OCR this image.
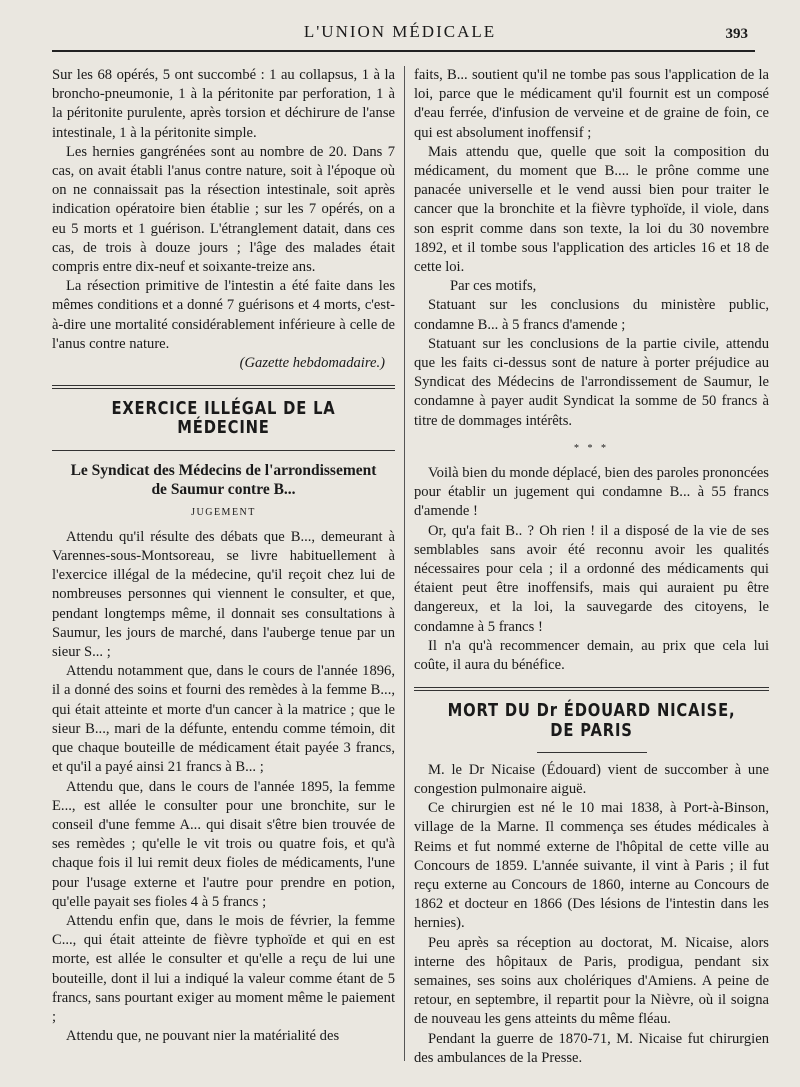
L'UNION MÉDICALE	393

Sur les 68 opérés, 5 ont succombé : 1 au collapsus, 1 à la broncho-pneumonie, 1 à la péritonite par perforation, 1 à la péritonite purulente, après torsion et déchirure de l'anse intestinale, 1 à la péritonite simple.

Les hernies gangrénées sont au nombre de 20. Dans 7 cas, on avait établi l'anus contre nature, soit à l'époque où on ne connaissait pas la résection intestinale, soit après indication opératoire bien établie ; sur les 7 opérés, on a eu 5 morts et 1 guérison. L'étranglement datait, dans ces cas, de trois à douze jours ; l'âge des malades était compris entre dix-neuf et soixante-treize ans.

La résection primitive de l'intestin a été faite dans les mêmes conditions et a donné 7 guérisons et 4 morts, c'est-à-dire une mortalité considérablement inférieure à celle de l'anus contre nature.

(Gazette hebdomadaire.)

EXERCICE ILLÉGAL DE LA MÉDECINE

Le Syndicat des Médecins de l'arrondissement de Saumur contre B...

JUGEMENT

Attendu qu'il résulte des débats que B..., demeurant à Varennes-sous-Montsoreau, se livre habituellement à l'exercice illégal de la médecine, qu'il reçoit chez lui de nombreuses personnes qui viennent le consulter, et que, pendant longtemps même, il donnait ses consultations à Saumur, les jours de marché, dans l'auberge tenue par un sieur S... ;

Attendu notamment que, dans le cours de l'année 1896, il a donné des soins et fourni des remèdes à la femme B..., qui était atteinte et morte d'un cancer à la matrice ; que le sieur B..., mari de la défunte, entendu comme témoin, dit que chaque bouteille de médicament était payée 3 francs, et qu'il a payé ainsi 21 francs à B... ;

Attendu que, dans le cours de l'année 1895, la femme E..., est allée le consulter pour une bronchite, sur le conseil d'une femme A... qui disait s'être bien trouvée de ses remèdes ; qu'elle le vit trois ou quatre fois, et qu'à chaque fois il lui remit deux fioles de médicaments, l'une pour l'usage externe et l'autre pour prendre en potion, qu'elle payait ses fioles 4 à 5 francs ;

Attendu enfin que, dans le mois de février, la femme C..., qui était atteinte de fièvre typhoïde et qui en est morte, est allée le consulter et qu'elle a reçu de lui une bouteille, dont il lui a indiqué la valeur comme étant de 5 francs, sans pourtant exiger au moment même le paiement ;

Attendu que, ne pouvant nier la matérialité des

faits, B... soutient qu'il ne tombe pas sous l'application de la loi, parce que le médicament qu'il fournit est un composé d'eau ferrée, d'infusion de verveine et de graine de foin, ce qui est absolument inoffensif ;

Mais attendu que, quelle que soit la composition du médicament, du moment que B.... le prône comme une panacée universelle et le vend aussi bien pour traiter le cancer que la bronchite et la fièvre typhoïde, il viole, dans son esprit comme dans son texte, la loi du 30 novembre 1892, et il tombe sous l'application des articles 16 et 18 de cette loi.

Par ces motifs,

Statuant sur les conclusions du ministère public, condamne B... à 5 francs d'amende ;

Statuant sur les conclusions de la partie civile, attendu que les faits ci-dessus sont de nature à porter préjudice au Syndicat des Médecins de l'arrondissement de Saumur, le condamne à payer audit Syndicat la somme de 50 francs à titre de dommages intérêts.

* * *

Voilà bien du monde déplacé, bien des paroles prononcées pour établir un jugement qui condamne B... à 55 francs d'amende !

Or, qu'a fait B.. ? Oh rien ! il a disposé de la vie de ses semblables sans avoir été reconnu avoir les qualités nécessaires pour cela ; il a ordonné des médicaments qui étaient peut être inoffensifs, mais qui auraient pu être dangereux, et la loi, la sauvegarde des citoyens, le condamne à 5 francs !

Il n'a qu'à recommencer demain, au prix que cela lui coûte, il aura du bénéfice.

MORT DU Dr ÉDOUARD NICAISE, DE PARIS

M. le Dr Nicaise (Édouard) vient de succomber à une congestion pulmonaire aiguë.

Ce chirurgien est né le 10 mai 1838, à Port-à-Binson, village de la Marne. Il commença ses études médicales à Reims et fut nommé externe de l'hôpital de cette ville au Concours de 1859. L'année suivante, il vint à Paris ; il fut reçu externe au Concours de 1860, interne au Concours de 1862 et docteur en 1866 (Des lésions de l'intestin dans les hernies).

Peu après sa réception au doctorat, M. Nicaise, alors interne des hôpitaux de Paris, prodigua, pendant six semaines, ses soins aux cholériques d'Amiens. A peine de retour, en septembre, il repartit pour la Nièvre, où il soigna de nouveau les gens atteints du même fléau.

Pendant la guerre de 1870-71, M. Nicaise fut chirurgien des ambulances de la Presse.
